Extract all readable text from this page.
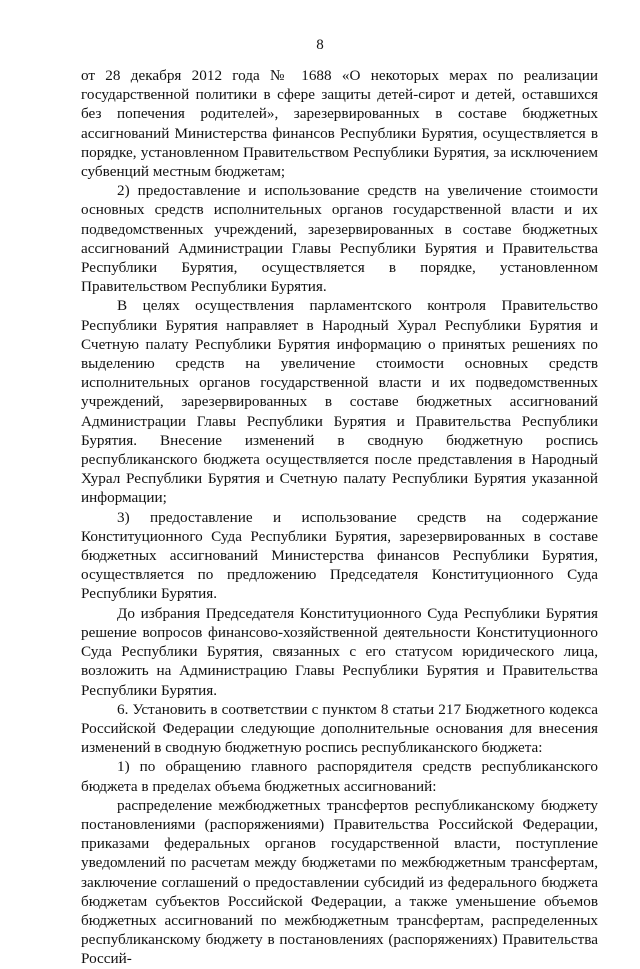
8

от 28 декабря 2012 года № 1688 «О некоторых мерах по реализации государственной политики в сфере защиты детей-сирот и детей, оставшихся без попечения родителей», зарезервированных в составе бюджетных ассигнований Министерства финансов Республики Бурятия, осуществляется в порядке, установленном Правительством Республики Бурятия, за исключением субвенций местным бюджетам;

2) предоставление и использование средств на увеличение стоимости основных средств исполнительных органов государственной власти и их подведомственных учреждений, зарезервированных в составе бюджетных ассигнований Администрации Главы Республики Бурятия и Правительства Республики Бурятия, осуществляется в порядке, установленном Правительством Республики Бурятия.

В целях осуществления парламентского контроля Правительство Республики Бурятия направляет в Народный Хурал Республики Бурятия и Счетную палату Республики Бурятия информацию о принятых решениях по выделению средств на увеличение стоимости основных средств исполнительных органов государственной власти и их подведомственных учреждений, зарезервированных в составе бюджетных ассигнований Администрации Главы Республики Бурятия и Правительства Республики Бурятия. Внесение изменений в сводную бюджетную роспись республиканского бюджета осуществляется после представления в Народный Хурал Республики Бурятия и Счетную палату Республики Бурятия указанной информации;

3) предоставление и использование средств на содержание Конституционного Суда Республики Бурятия, зарезервированных в составе бюджетных ассигнований Министерства финансов Республики Бурятия, осуществляется по предложению Председателя Конституционного Суда Республики Бурятия.

До избрания Председателя Конституционного Суда Республики Бурятия решение вопросов финансово-хозяйственной деятельности Конституционного Суда Республики Бурятия, связанных с его статусом юридического лица, возложить на Администрацию Главы Республики Бурятия и Правительства Республики Бурятия.

6. Установить в соответствии с пунктом 8 статьи 217 Бюджетного кодекса Российской Федерации следующие дополнительные основания для внесения изменений в сводную бюджетную роспись республиканского бюджета:

1) по обращению главного распорядителя средств республиканского бюджета в пределах объема бюджетных ассигнований:

распределение межбюджетных трансфертов республиканскому бюджету постановлениями (распоряжениями) Правительства Российской Федерации, приказами федеральных органов государственной власти, поступление уведомлений по расчетам между бюджетами по межбюджетным трансфертам, заключение соглашений о предоставлении субсидий из федерального бюджета бюджетам субъектов Российской Федерации, а также уменьшение объемов бюджетных ассигнований по межбюджетным трансфертам, распределенных республиканскому бюджету в постановлениях (распоряжениях) Правительства Россий-
